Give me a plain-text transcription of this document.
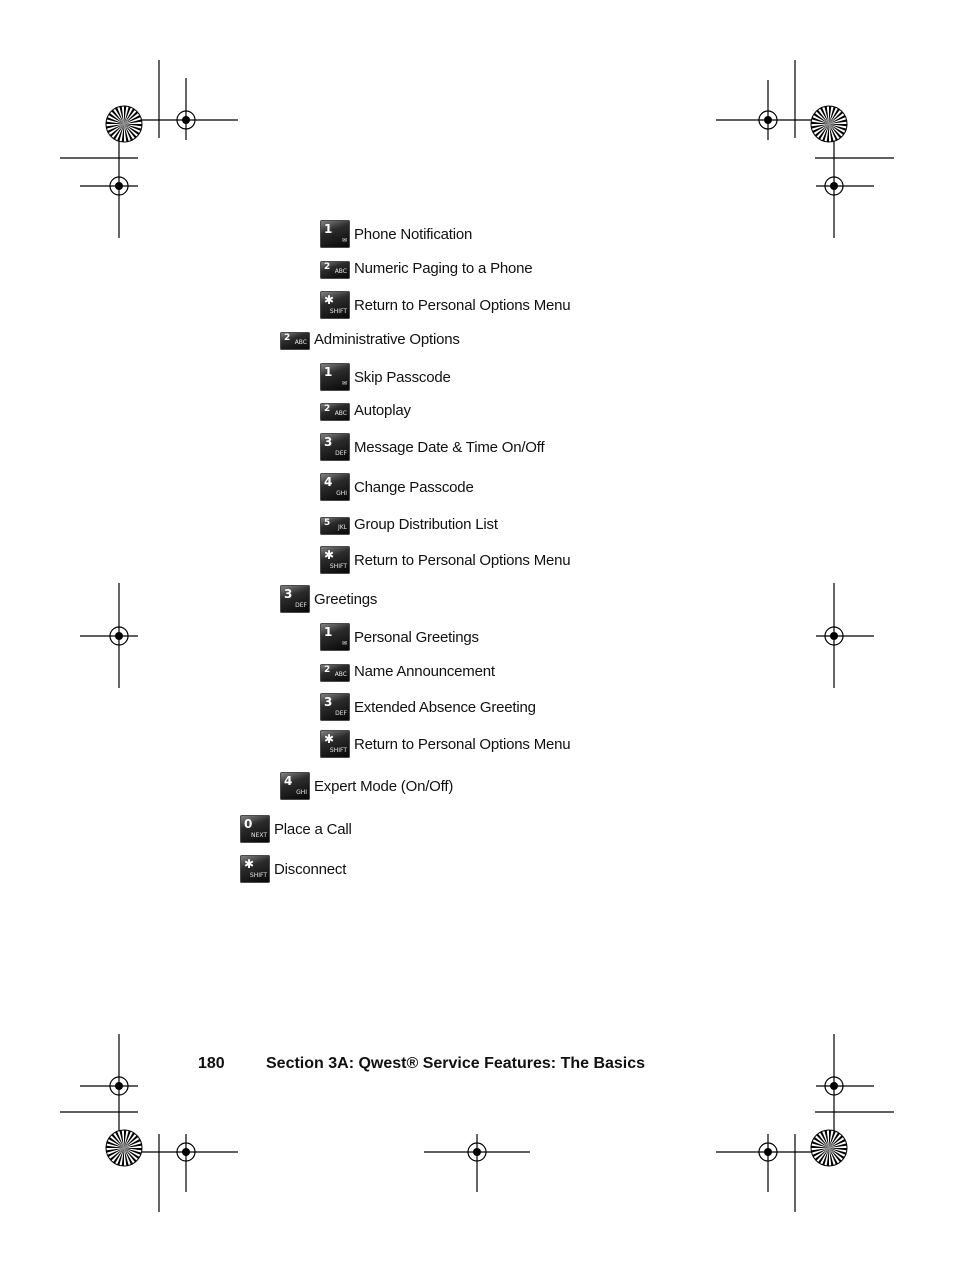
1
✉ Phone Notification
2 ABC Numeric Paging to a Phone
✱
SHIFT Return to Personal Options Menu
2 ABC Administrative Options
1
✉ Skip Passcode
2 ABC Autoplay
3
DEF Message Date & Time On/Off
4
GHI Change Passcode
5 JKL Group Distribution List
✱
SHIFT Return to Personal Options Menu
3
DEF Greetings
1
✉ Personal Greetings
2 ABC Name Announcement
3
DEF Extended Absence Greeting
✱
SHIFT Return to Personal Options Menu
4
GHI Expert Mode (On/Off)
0
NEXT Place a Call
✱
SHIFT Disconnect
180	Section 3A: Qwest® Service Features: The Basics
